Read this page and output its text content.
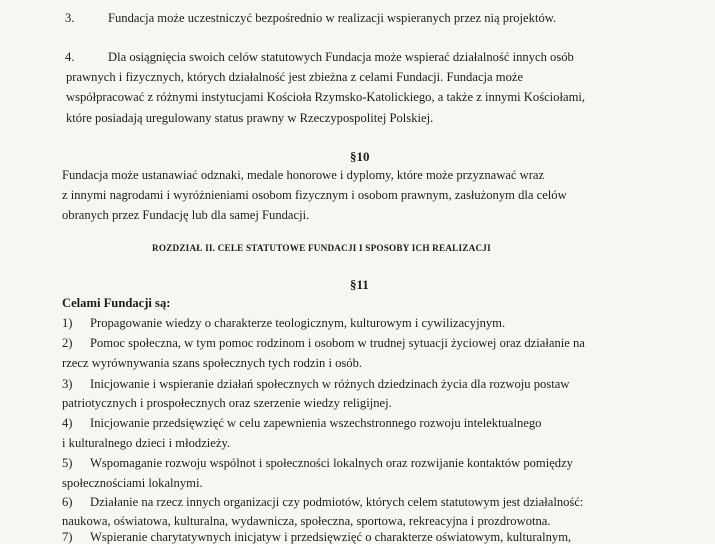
3.	Fundacja może uczestniczyć bezpośrednio w realizacji wspieranych przez nią projektów.
4.	Dla osiągnięcia swoich celów statutowych Fundacja może wspierać działalność innych osób
prawnych i fizycznych, których działalność jest zbieżna z celami Fundacji. Fundacja może
współpracować z różnymi instytucjami Kościoła Rzymsko-Katolickiego, a także z innymi Kościołami,
które posiadają uregulowany status prawny w Rzeczypospolitej Polskiej.
§10
Fundacja może ustanawiać odznaki, medale honorowe i dyplomy, które może przyznawać wraz
z innymi nagrodami i wyróżnieniami osobom fizycznym i osobom prawnym, zasłużonym dla celów
obranych przez Fundację lub dla samej Fundacji.
ROZDZIAŁ II. CELE STATUTOWE FUNDACJI I SPOSOBY ICH REALIZACJI
§11
Celami Fundacji są:
1) Propagowanie wiedzy o charakterze teologicznym, kulturowym i cywilizacyjnym.
2) Pomoc społeczna, w tym pomoc rodzinom i osobom w trudnej sytuacji życiowej oraz działanie na
rzecz wyrównywania szans społecznych tych rodzin i osób.
3) Inicjowanie i wspieranie działań społecznych w różnych dziedzinach życia dla rozwoju postaw
patriotycznych i prospołecznych oraz szerzenie wiedzy religijnej.
4) Inicjowanie przedsięwzięć w celu zapewnienia wszechstronnego rozwoju intelektualnego
i kulturalnego dzieci i młodzieży.
5) Wspomaganie rozwoju wspólnot i społeczności lokalnych oraz rozwijanie kontaktów pomiędzy
społecznościami lokalnymi.
6) Działanie na rzecz innych organizacji czy podmiotów, których celem statutowym jest działalność:
naukowa, oświatowa, kulturalna, wydawnicza, społeczna, sportowa, rekreacyjna i prozdrowotna.
7) Wspieranie charytatywnych inicjatyw i przedsięwzięć o charakterze oświatowym, kulturalnym,
